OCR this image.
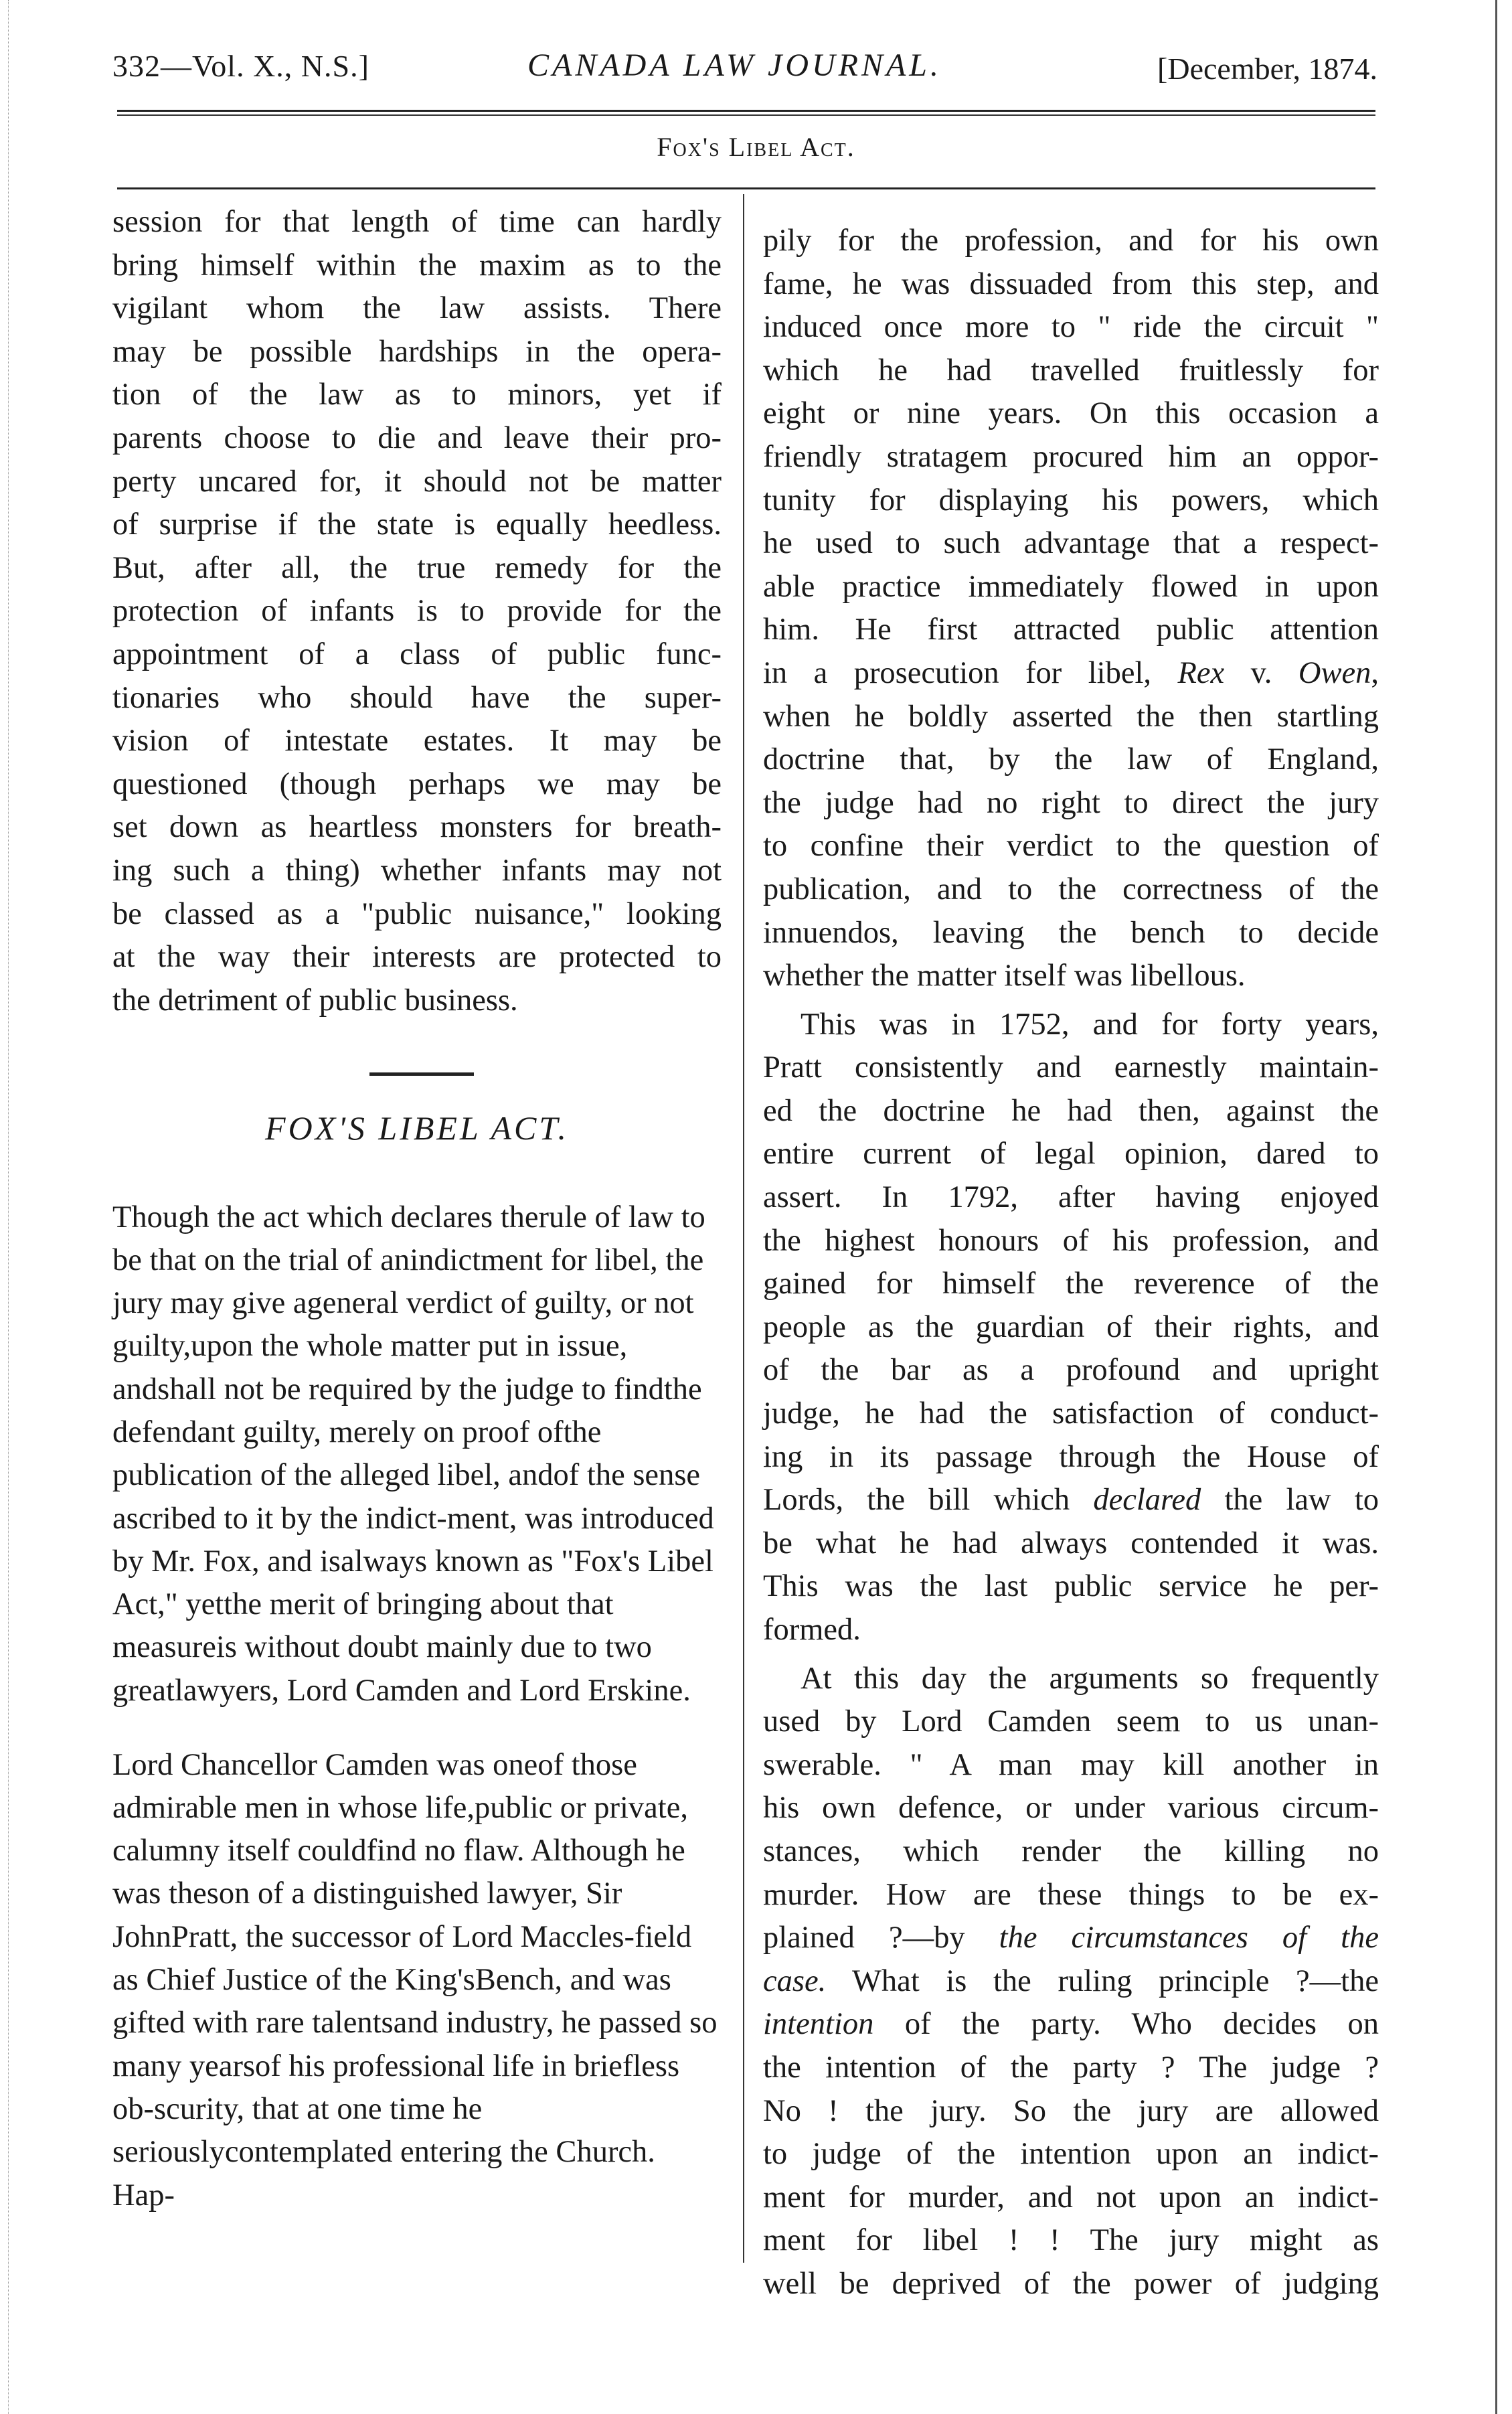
332—Vol. X., N.S.]	CANADA LAW JOURNAL.	[December, 1874.
Fox's Libel Act.
session for that length of time can hardly
bring himself within the maxim as to the
vigilant whom the law assists. There
may be possible hardships in the opera-
tion of the law as to minors, yet if
parents choose to die and leave their pro-
perty uncared for, it should not be matter
of surprise if the state is equally heedless.
But, after all, the true remedy for the
protection of infants is to provide for the
appointment of a class of public func-
tionaries who should have the super-
vision of intestate estates. It may be
questioned (though perhaps we may be
set down as heartless monsters for breath-
ing such a thing) whether infants may not
be classed as a "public nuisance," looking
at the way their interests are protected to
the detriment of public business.
FOX'S LIBEL ACT.

Though the act which declares therule of law to be that on the trial of anindictment for libel, the jury may give ageneral verdict of guilty, or not guilty,upon the whole matter put in issue, andshall not be required by the judge to findthe defendant guilty, merely on proof ofthe publication of the alleged libel, andof the sense ascribed to it by the indict-ment, was introduced by Mr. Fox, and isalways known as "Fox's Libel Act," yetthe merit of bringing about that measureis without doubt mainly due to two greatlawyers, Lord Camden and Lord Erskine.

Lord Chancellor Camden was oneof those admirable men in whose life,public or private, calumny itself couldfind no flaw. Although he was theson of a distinguished lawyer, Sir JohnPratt, the successor of Lord Maccles-field as Chief Justice of the King'sBench, and was gifted with rare talentsand industry, he passed so many yearsof his professional life in briefless ob-scurity, that at one time he seriouslycontemplated entering the Church. Hap-

pily for the profession, and for his own
fame, he was dissuaded from this step, and
induced once more to " ride the circuit "
which he had travelled fruitlessly for
eight or nine years. On this occasion a
friendly stratagem procured him an oppor-
tunity for displaying his powers, which
he used to such advantage that a respect-
able practice immediately flowed in upon
him. He first attracted public attention
in a prosecution for libel, Rex v. Owen,
when he boldly asserted the then startling
doctrine that, by the law of England,
the judge had no right to direct the jury
to confine their verdict to the question of
publication, and to the correctness of the
innuendos, leaving the bench to decide
whether the matter itself was libellous.

This was in 1752, and for forty years,
Pratt consistently and earnestly maintain-
ed the doctrine he had then, against the
entire current of legal opinion, dared to
assert. In 1792, after having enjoyed
the highest honours of his profession, and
gained for himself the reverence of the
people as the guardian of their rights, and
of the bar as a profound and upright
judge, he had the satisfaction of conduct-
ing in its passage through the House of
Lords, the bill which declared the law to
be what he had always contended it was.
This was the last public service he per-
formed.

At this day the arguments so frequently
used by Lord Camden seem to us unan-
swerable. " A man may kill another in
his own defence, or under various circum-
stances, which render the killing no
murder. How are these things to be ex-
plained ?—by the circumstances of the
case. What is the ruling principle ?—the
intention of the party. Who decides on
the intention of the party ? The judge ?
No ! the jury. So the jury are allowed
to judge of the intention upon an indict-
ment for murder, and not upon an indict-
ment for libel ! ! The jury might as
well be deprived of the power of judging
